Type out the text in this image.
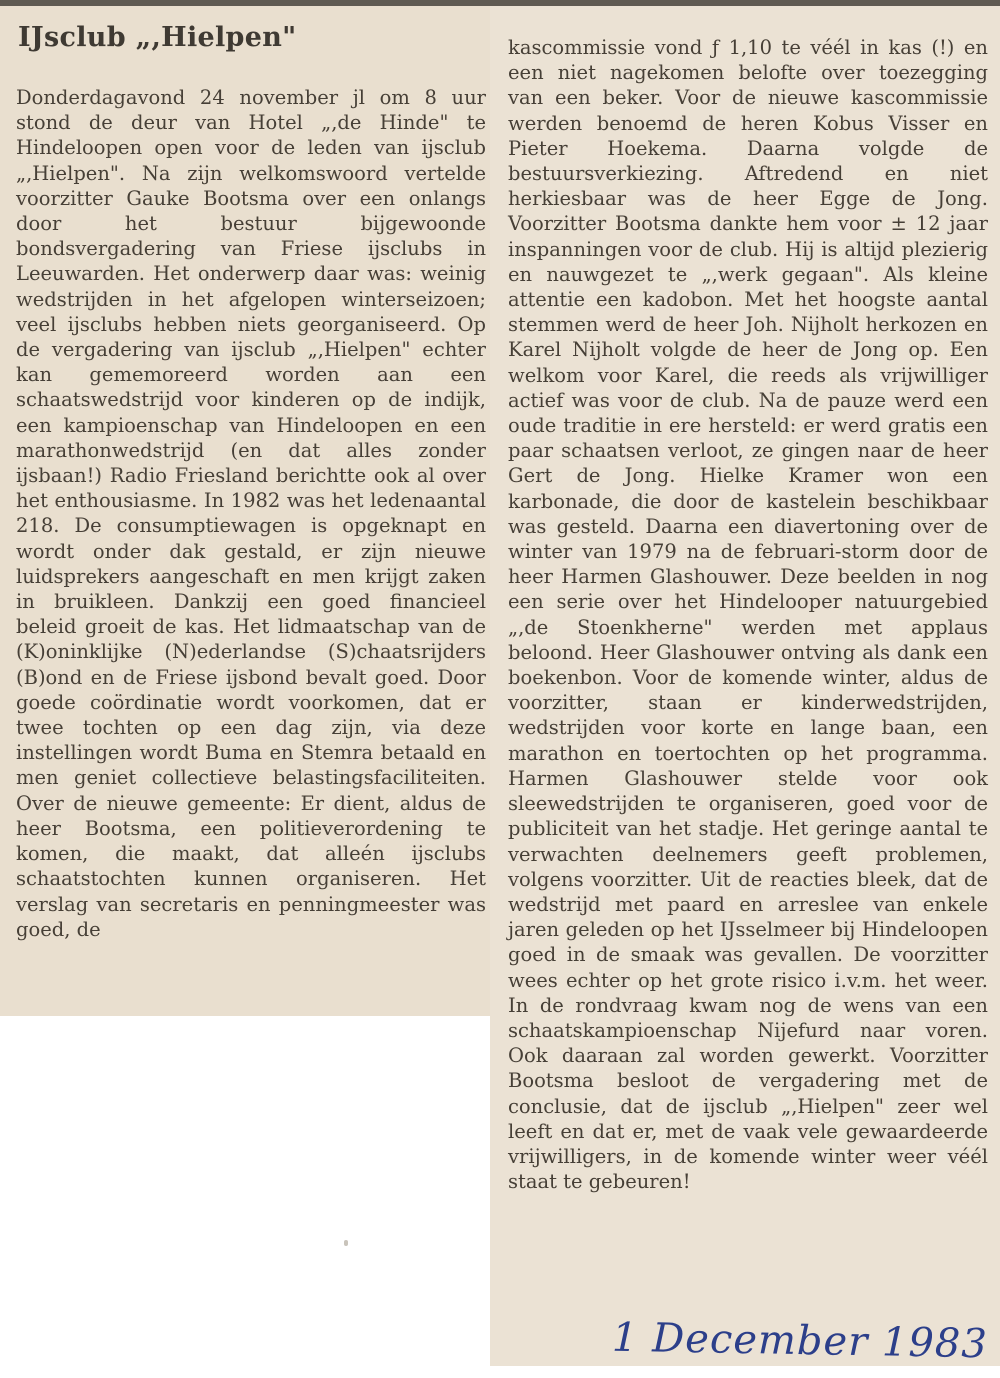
IJsclub „,Hielpen"

Donderdagavond 24 november jl om 8 uur stond de deur van Hotel „,de Hinde" te Hindeloopen open voor de leden van ijsclub „,Hielpen". Na zijn welkomswoord vertelde voorzitter Gauke Bootsma over een onlangs door het bestuur bijgewoonde bondsvergadering van Friese ijsclubs in Leeuwarden. Het onderwerp daar was: weinig wedstrijden in het afgelopen winterseizoen; veel ijsclubs hebben niets georganiseerd. Op de vergadering van ijsclub „,Hielpen" echter kan gememoreerd worden aan een schaatswedstrijd voor kinderen op de indijk, een kampioenschap van Hindeloopen en een marathonwedstrijd (en dat alles zonder ijsbaan!) Radio Friesland berichtte ook al over het enthousiasme. In 1982 was het ledenaantal 218. De consumptiewagen is opgeknapt en wordt onder dak gestald, er zijn nieuwe luidsprekers aangeschaft en men krijgt zaken in bruikleen. Dankzij een goed financieel beleid groeit de kas. Het lidmaatschap van de (K)oninklijke (N)ederlandse (S)chaatsrijders (B)ond en de Friese ijsbond bevalt goed. Door goede coördinatie wordt voorkomen, dat er twee tochten op een dag zijn, via deze instellingen wordt Buma en Stemra betaald en men geniet collectieve belastingsfaciliteiten. Over de nieuwe gemeente: Er dient, aldus de heer Bootsma, een politieverordening te komen, die maakt, dat alleén ijsclubs schaatstochten kunnen organiseren. Het verslag van secretaris en penningmeester was goed, de

kascommissie vond ƒ 1,10 te véél in kas (!) en een niet nagekomen belofte over toezegging van een beker. Voor de nieuwe kascommissie werden benoemd de heren Kobus Visser en Pieter Hoekema. Daarna volgde de bestuursverkiezing. Aftredend en niet herkiesbaar was de heer Egge de Jong. Voorzitter Bootsma dankte hem voor ± 12 jaar inspanningen voor de club. Hij is altijd plezierig en nauwgezet te „,werk gegaan". Als kleine attentie een kadobon. Met het hoogste aantal stemmen werd de heer Joh. Nijholt herkozen en Karel Nijholt volgde de heer de Jong op. Een welkom voor Karel, die reeds als vrijwilliger actief was voor de club. Na de pauze werd een oude traditie in ere hersteld: er werd gratis een paar schaatsen verloot, ze gingen naar de heer Gert de Jong. Hielke Kramer won een karbonade, die door de kastelein beschikbaar was gesteld. Daarna een diavertoning over de winter van 1979 na de februari-storm door de heer Harmen Glashouwer. Deze beelden in nog een serie over het Hindelooper natuurgebied „,de Stoenkherne" werden met applaus beloond. Heer Glashouwer ontving als dank een boekenbon. Voor de komende winter, aldus de voorzitter, staan er kinderwedstrijden, wedstrijden voor korte en lange baan, een marathon en toertochten op het programma. Harmen Glashouwer stelde voor ook sleewedstrijden te organiseren, goed voor de publiciteit van het stadje. Het geringe aantal te verwachten deelnemers geeft problemen, volgens voorzitter. Uit de reacties bleek, dat de wedstrijd met paard en arreslee van enkele jaren geleden op het IJsselmeer bij Hindeloopen goed in de smaak was gevallen. De voorzitter wees echter op het grote risico i.v.m. het weer. In de rondvraag kwam nog de wens van een schaatskampioenschap Nijefurd naar voren. Ook daaraan zal worden gewerkt. Voorzitter Bootsma besloot de vergadering met de conclusie, dat de ijsclub „,Hielpen" zeer wel leeft en dat er, met de vaak vele gewaardeerde vrijwilligers, in de komende winter weer véél staat te gebeuren!

1 December 1983
